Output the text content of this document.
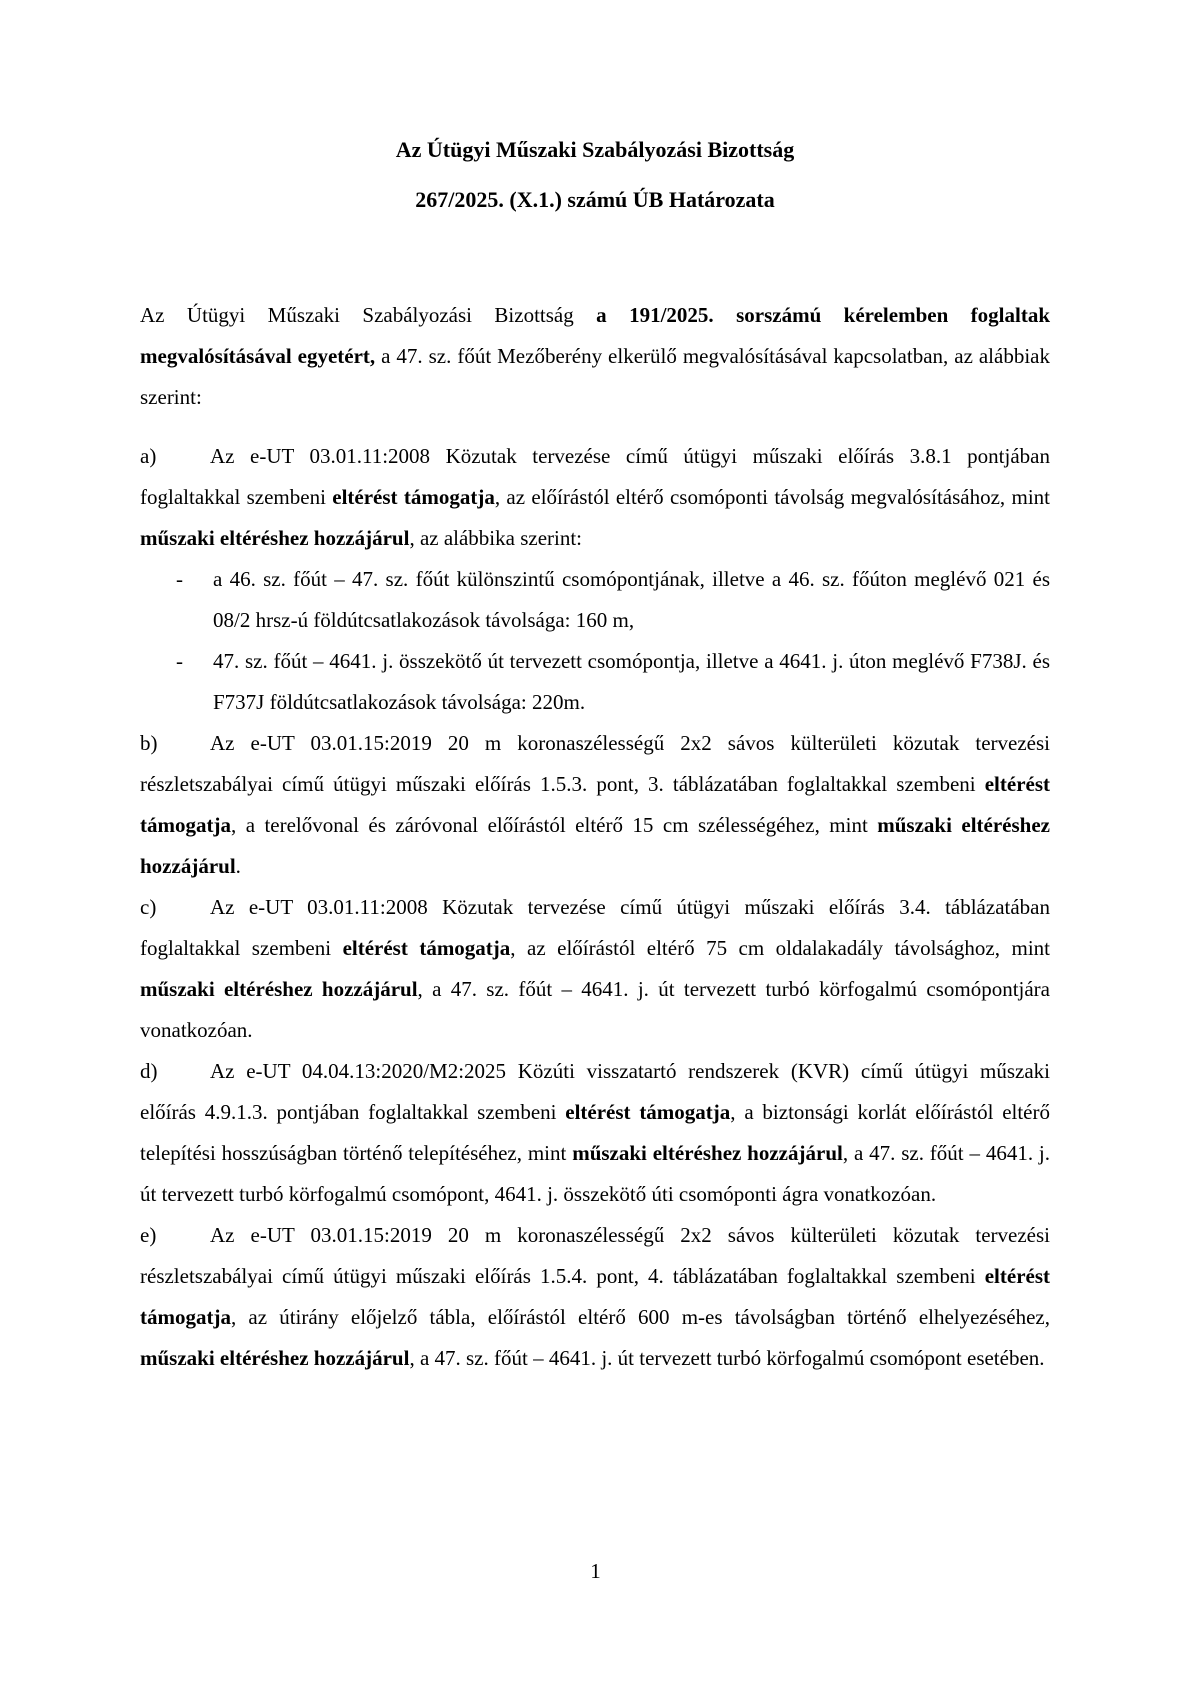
Az Útügyi Műszaki Szabályozási Bizottság
267/2025. (X.1.) számú ÚB Határozata

Az Útügyi Műszaki Szabályozási Bizottság a 191/2025. sorszámú kérelemben foglaltak megvalósításával egyetért, a 47. sz. főút Mezőberény elkerülő megvalósításával kapcsolatban, az alábbiak szerint:

a)	Az e-UT 03.01.11:2008 Közutak tervezése című útügyi műszaki előírás 3.8.1 pontjában foglaltakkal szembeni eltérést támogatja, az előírástól eltérő csomóponti távolság megvalósításához, mint műszaki eltéréshez hozzájárul, az alábbika szerint:

- a 46. sz. főút – 47. sz. főút különszintű csomópontjának, illetve a 46. sz. főúton meglévő 021 és 08/2 hrsz-ú földútcsatlakozások távolsága: 160 m,

- 47. sz. főút – 4641. j. összekötő út tervezett csomópontja, illetve a 4641. j. úton meglévő F738J. és F737J földútcsatlakozások távolsága: 220m.

b)	Az e-UT 03.01.15:2019 20 m koronaszélességű 2x2 sávos külterületi közutak tervezési részletszabályai című útügyi műszaki előírás 1.5.3. pont, 3. táblázatában foglaltakkal szembeni eltérést támogatja, a terelővonal és záróvonal előírástól eltérő 15 cm szélességéhez, mint műszaki eltéréshez hozzájárul.

c)	Az e-UT 03.01.11:2008 Közutak tervezése című útügyi műszaki előírás 3.4. táblázatában foglaltakkal szembeni eltérést támogatja, az előírástól eltérő 75 cm oldalakadály távolsághoz, mint műszaki eltéréshez hozzájárul, a 47. sz. főút – 4641. j. út tervezett turbó körfogalmú csomópontjára vonatkozóan.

d)	Az e-UT 04.04.13:2020/M2:2025 Közúti visszatartó rendszerek (KVR) című útügyi műszaki előírás 4.9.1.3. pontjában foglaltakkal szembeni eltérést támogatja, a biztonsági korlát előírástól eltérő telepítési hosszúságban történő telepítéséhez, mint műszaki eltéréshez hozzájárul, a 47. sz. főút – 4641. j. út tervezett turbó körfogalmú csomópont, 4641. j. összekötő úti csomóponti ágra vonatkozóan.

e)	Az e-UT 03.01.15:2019 20 m koronaszélességű 2x2 sávos külterületi közutak tervezési részletszabályai című útügyi műszaki előírás 1.5.4. pont, 4. táblázatában foglaltakkal szembeni eltérést támogatja, az útirány előjelző tábla, előírástól eltérő 600 m-es távolságban történő elhelyezéséhez, műszaki eltéréshez hozzájárul, a 47. sz. főút – 4641. j. út tervezett turbó körfogalmú csomópont esetében.

1
